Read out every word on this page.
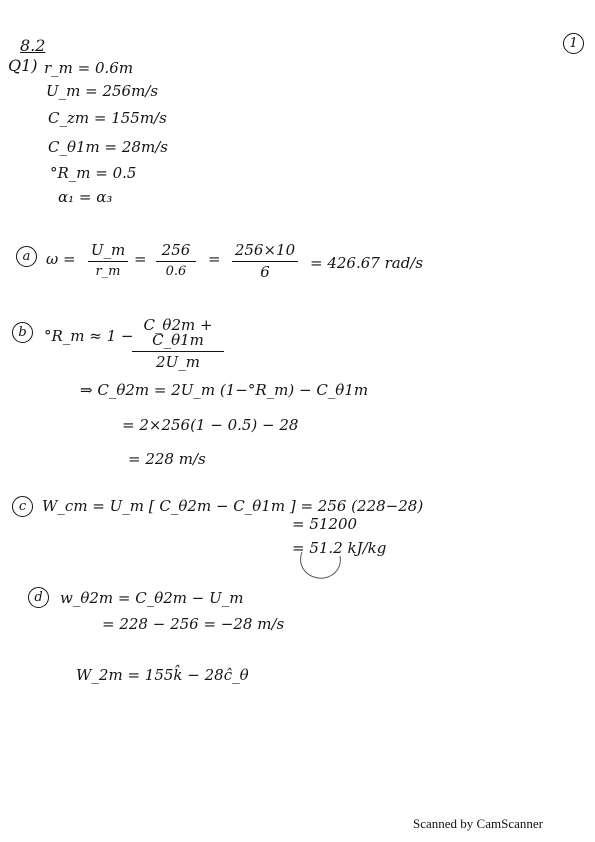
8.2	1
Q1) r_m = 0.6m
U_m = 256m/s
C_zm = 155m/s
C_θ1m = 28m/s
°R_m = 0.5
α₁ = α₃
a	$\omega = \frac{U\_m}{r\_m} = \frac{256}{0.6} = \frac{256\times 10}{6} = 426.67$ rad/s
b	°R_m ≈ 1 −
$\frac{C\_\theta 2m + C\_\theta 1m}{2U\_m}$
⇒ C_θ2m = 2U_m (1−°R_m) − C_θ1m
= 2×256(1 − 0.5) − 28
= 228 m/s
c	W_cm = U_m [ C_θ2m − C_θ1m ] = 256 (228−28)
= 51200
= 51.2 kJ/kg
d	w_θ2m = C_θ2m − U_m
= 228 − 256 = −28 m/s
W_2m = 155k̂ − 28ĉ_θ
Scanned by CamScanner
